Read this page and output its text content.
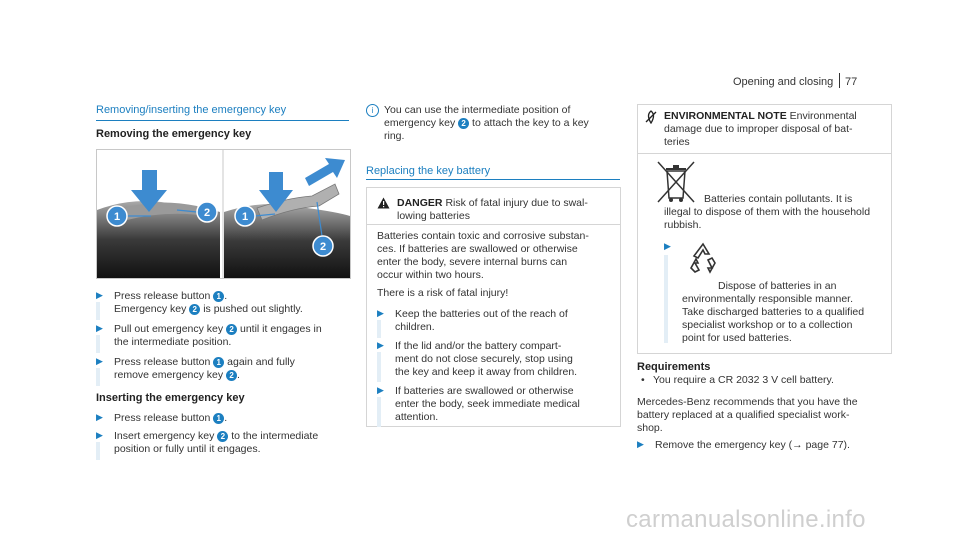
Opening and closing 77
Removing/inserting the emergency key
Removing the emergency key
1	2	1
2
▶ Press release button 1 .
Emergency key 2 is pushed out slightly.
▶ Pull out emergency key 2 until it engages in
the intermediate position.
▶ Press release button 1 again and fully
remove emergency key 2 .
Inserting the emergency key
▶ Press release button 1 .
▶ Insert emergency key 2 to the intermediate
position or fully until it engages.
i	You can use the intermediate position of
emergency key 2 to attach the key to a key
ring.
Replacing the key battery
DANGER Risk of fatal injury due to swal-
lowing batteries
Batteries contain toxic and corrosive substan-
ces. If batteries are swallowed or otherwise
enter the body, severe internal burns can
occur within two hours.
There is a risk of fatal injury!
▶ Keep the batteries out of the reach of
children.
▶ If the lid and/or the battery compart-
ment do not close securely, stop using
the key and keep it away from children.
▶ If batteries are swallowed or otherwise
enter the body, seek immediate medical
attention.
ENVIRONMENTAL NOTE Environmental
damage due to improper disposal of bat-
teries
Batteries contain pollutants. It is
illegal to dispose of them with the household
rubbish.
▶
Dispose of batteries in an
environmentally responsible manner.
Take discharged batteries to a qualified
specialist workshop or to a collection
point for used batteries.
Requirements
• You require a CR 2032 3 V cell battery.
Mercedes-Benz recommends that you have the
battery replaced at a qualified specialist work-
shop.
▶ Remove the emergency key (→ page 77).
carmanualsonline.info
